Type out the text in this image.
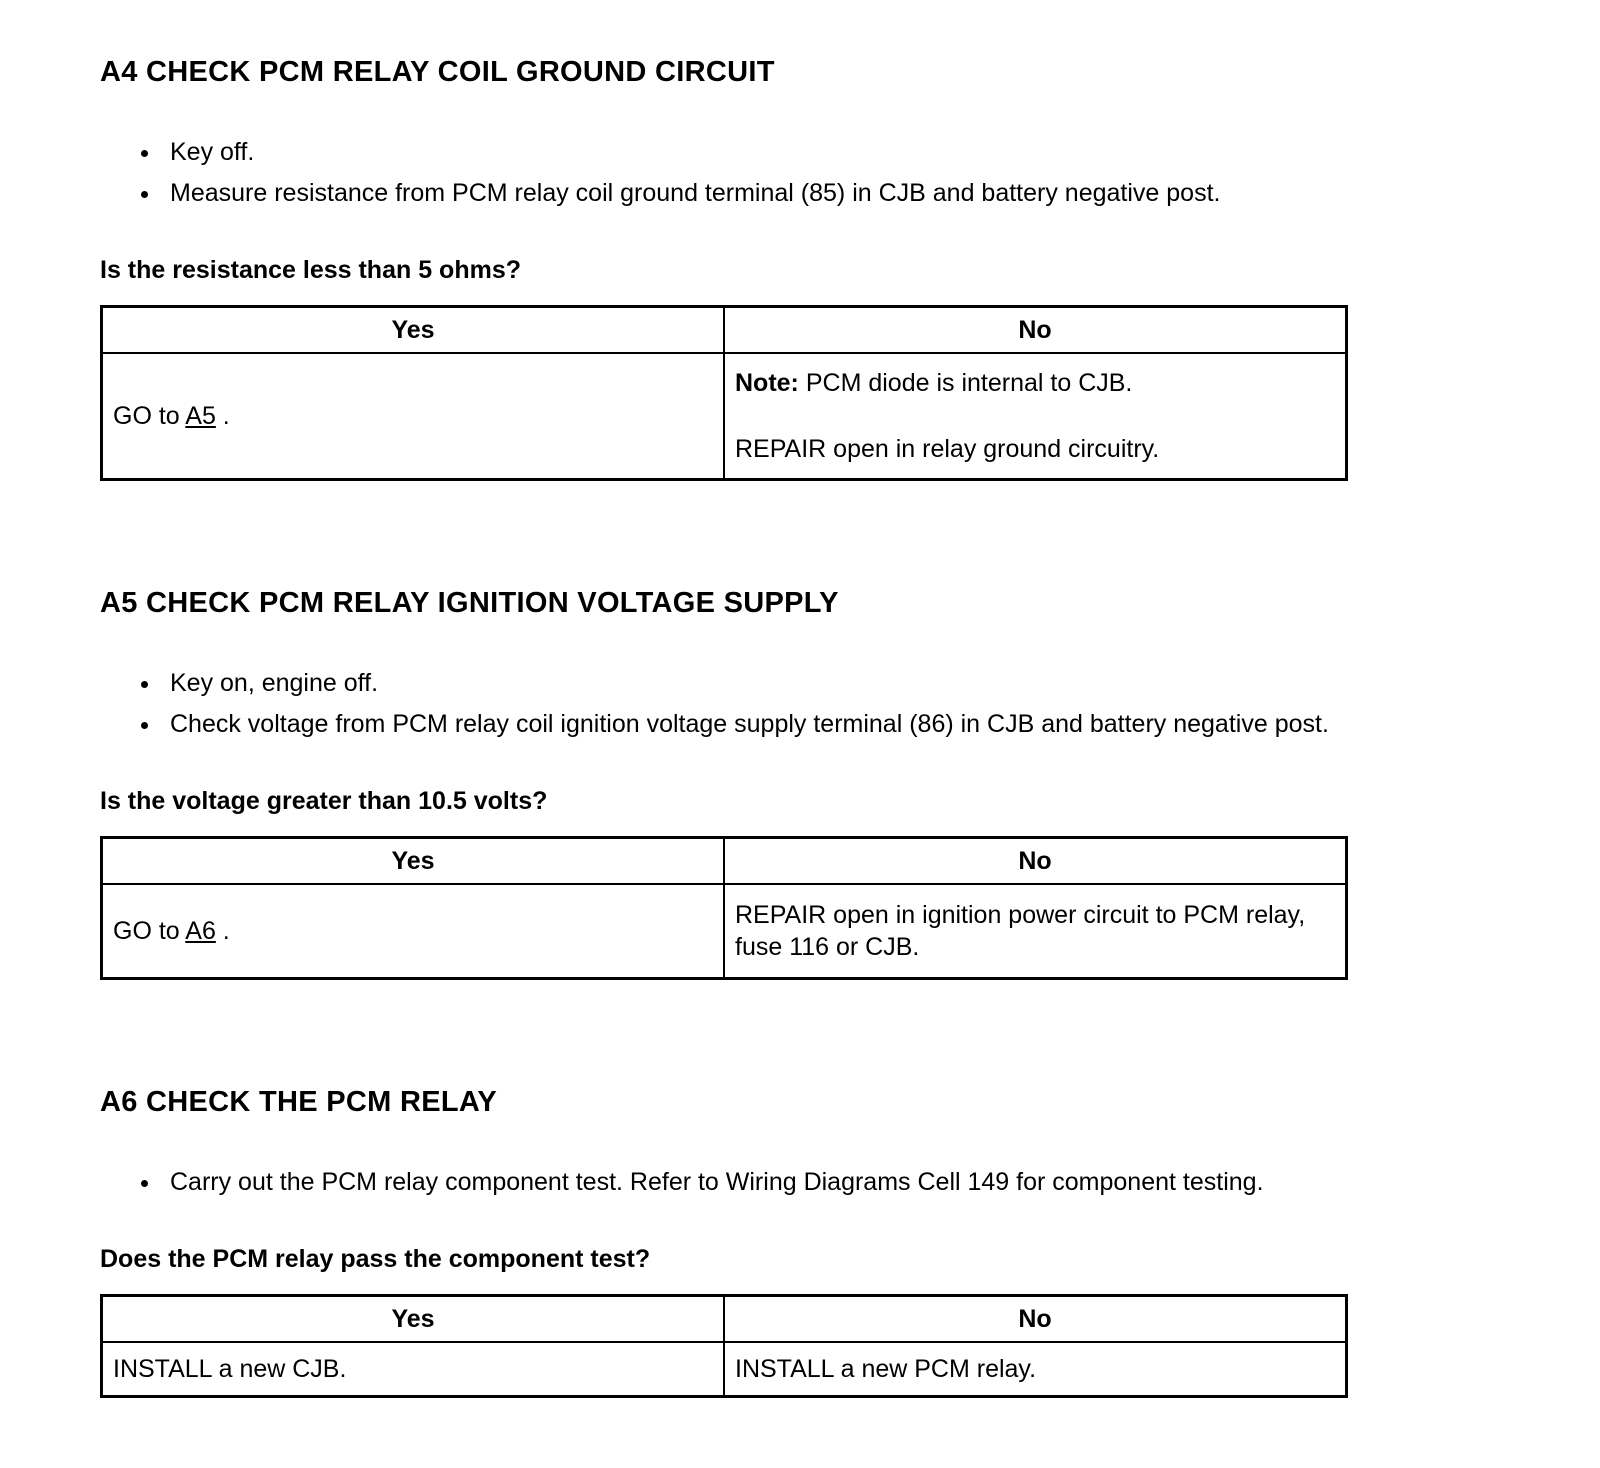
A4 CHECK PCM RELAY COIL GROUND CIRCUIT
• Key off.
• Measure resistance from PCM relay coil ground terminal (85) in CJB and battery negative post.

Is the resistance less than 5 ohms?

Yes	No
GO to A5 .	Note: PCM diode is internal to CJB.

REPAIR open in relay ground circuitry.

A5 CHECK PCM RELAY IGNITION VOLTAGE SUPPLY
• Key on, engine off.
• Check voltage from PCM relay coil ignition voltage supply terminal (86) in CJB and battery negative post.

Is the voltage greater than 10.5 volts?

Yes	No
GO to A6 .	REPAIR open in ignition power circuit to PCM relay, fuse 116 or CJB.

A6 CHECK THE PCM RELAY
• Carry out the PCM relay component test. Refer to Wiring Diagrams Cell 149 for component testing.

Does the PCM relay pass the component test?

Yes	No
INSTALL a new CJB.	INSTALL a new PCM relay.
